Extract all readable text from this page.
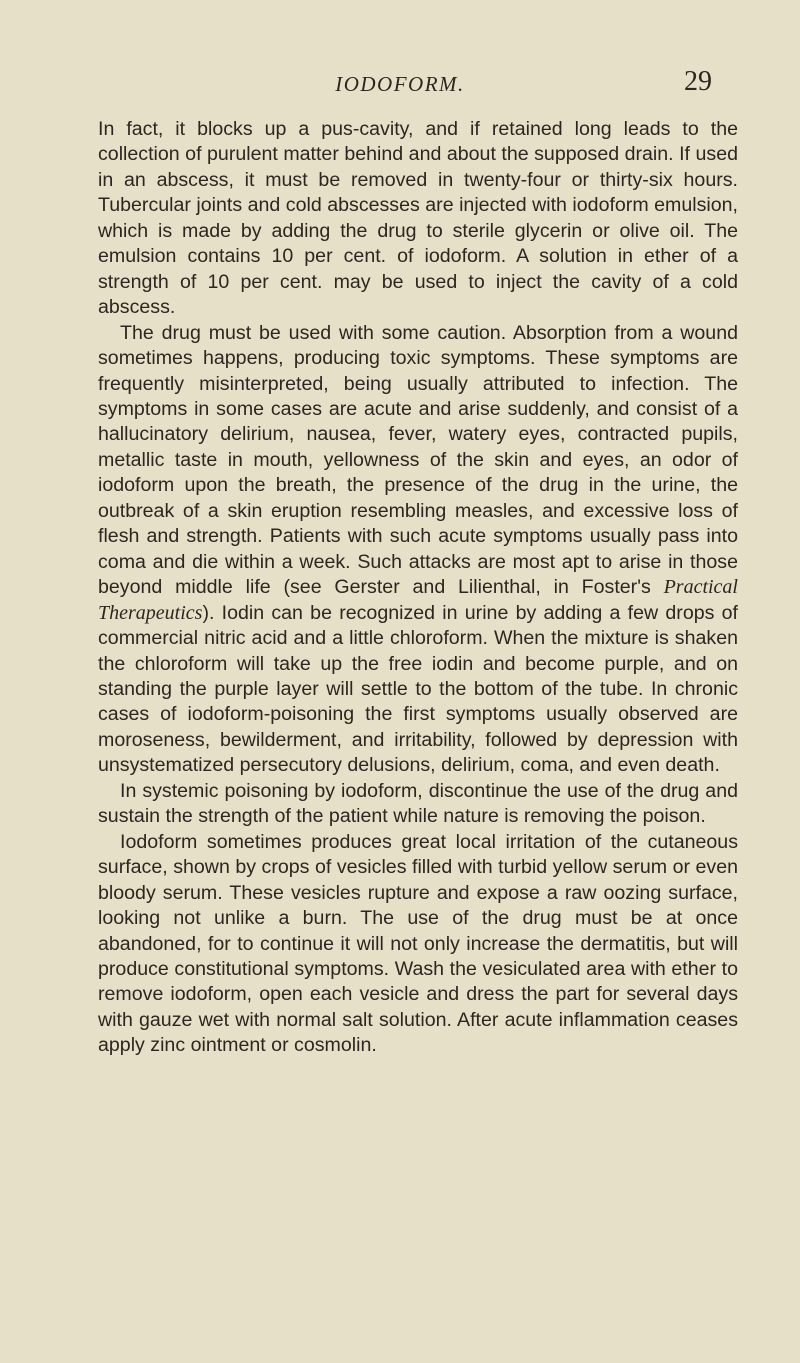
IODOFORM.	29

In fact, it blocks up a pus-cavity, and if retained long leads to the collection of purulent matter behind and about the supposed drain. If used in an abscess, it must be removed in twenty-four or thirty-six hours. Tubercular joints and cold abscesses are injected with iodoform emulsion, which is made by adding the drug to sterile glycerin or olive oil. The emulsion contains 10 per cent. of iodoform. A solution in ether of a strength of 10 per cent. may be used to inject the cavity of a cold abscess.

The drug must be used with some caution. Absorption from a wound sometimes happens, producing toxic symptoms. These symptoms are frequently misinterpreted, being usually attributed to infection. The symptoms in some cases are acute and arise suddenly, and consist of a hallucinatory delirium, nausea, fever, watery eyes, contracted pupils, metallic taste in mouth, yellowness of the skin and eyes, an odor of iodoform upon the breath, the presence of the drug in the urine, the outbreak of a skin eruption resembling measles, and excessive loss of flesh and strength. Patients with such acute symptoms usually pass into coma and die within a week. Such attacks are most apt to arise in those beyond middle life (see Gerster and Lilienthal, in Foster's Practical Therapeutics). Iodin can be recognized in urine by adding a few drops of commercial nitric acid and a little chloroform. When the mixture is shaken the chloroform will take up the free iodin and become purple, and on standing the purple layer will settle to the bottom of the tube. In chronic cases of iodoform-poisoning the first symptoms usually observed are moroseness, bewilderment, and irritability, followed by depression with unsystematized persecutory delusions, delirium, coma, and even death.

In systemic poisoning by iodoform, discontinue the use of the drug and sustain the strength of the patient while nature is removing the poison.

Iodoform sometimes produces great local irritation of the cutaneous surface, shown by crops of vesicles filled with turbid yellow serum or even bloody serum. These vesicles rupture and expose a raw oozing surface, looking not unlike a burn. The use of the drug must be at once abandoned, for to continue it will not only increase the dermatitis, but will produce constitutional symptoms. Wash the vesiculated area with ether to remove iodoform, open each vesicle and dress the part for several days with gauze wet with normal salt solution. After acute inflammation ceases apply zinc ointment or cosmolin.
